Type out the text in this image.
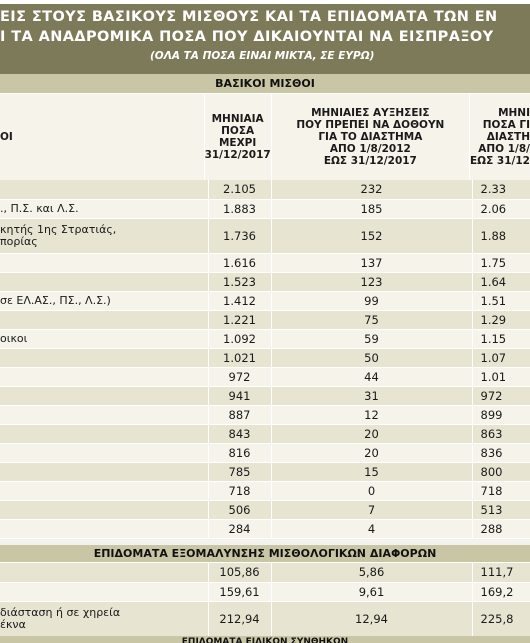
ΕΙΣ ΣΤΟΥΣ ΒΑΣΙΚΟΥΣ ΜΙΣΘΟΥΣ ΚΑΙ ΤΑ ΕΠΙΔΟΜΑΤΑ ΤΩΝ ΕΝ
Ι ΤΑ ΑΝΑΔΡΟΜΙΚΑ ΠΟΣΑ ΠΟΥ ΔΙΚΑΙΟΥΝΤΑΙ ΝΑ ΕΙΣΠΡΑΞΟΥ
(ΟΛΑ ΤΑ ΠΟΣΑ ΕΙΝΑΙ ΜΙΚΤΑ, ΣΕ ΕΥΡΩ)
ΒΑΣΙΚΟΙ ΜΙΣΘΟΙ
ΟΙ	
ΜΗΝΙΑΙΑ
ΠΟΣΑ
ΜΕΧΡΙ
31/12/2017

ΜΗΝΙΑΙΕΣ ΑΥΞΗΣΕΙΣ
ΠΟΥ ΠΡΕΠΕΙ ΝΑ ΔΟΘΟΥΝ
ΓΙΑ ΤΟ ΔΙΑΣΤΗΜΑ
ΑΠΟ 1/8/2012
ΕΩΣ 31/12/2017

ΜΗΝΙ
ΠΟΣΑ ΓΙ
ΔΙΑΣΤΗ
ΑΠΟ 1/8/
ΕΩΣ 31/12
	2.105	232	2.33

., Π.Σ. και Λ.Σ.	1.883	185	2.06

κητής 1ης Στρατιάς,
πορίας	1.736	152	1.88

	1.616	137	1.75

	1.523	123	1.64

σε ΕΛ.ΑΣ., ΠΣ., Λ.Σ.)	1.412	99	1.51

	1.221	75	1.29

οικοι	1.092	59	1.15

	1.021	50	1.07

	972	44	1.01

	941	31	972

	887	12	899

	843	20	863

	816	20	836

	785	15	800

	718	0	718

	506	7	513

	284	4	288
ΕΠΙΔΟΜΑΤΑ ΕΞΟΜΑΛΥΝΣΗΣ ΜΙΣΘΟΛΟΓΙΚΩΝ ΔΙΑΦΟΡΩΝ
	105,86	5,86	111,7

	159,61	9,61	169,2

διάσταση ή σε χηρεία
έκνα	212,94	12,94	225,8
ΕΠΙΔΟΜΑΤΑ ΕΙΔΙΚΩΝ ΣΥΝΘΗΚΩΝ
